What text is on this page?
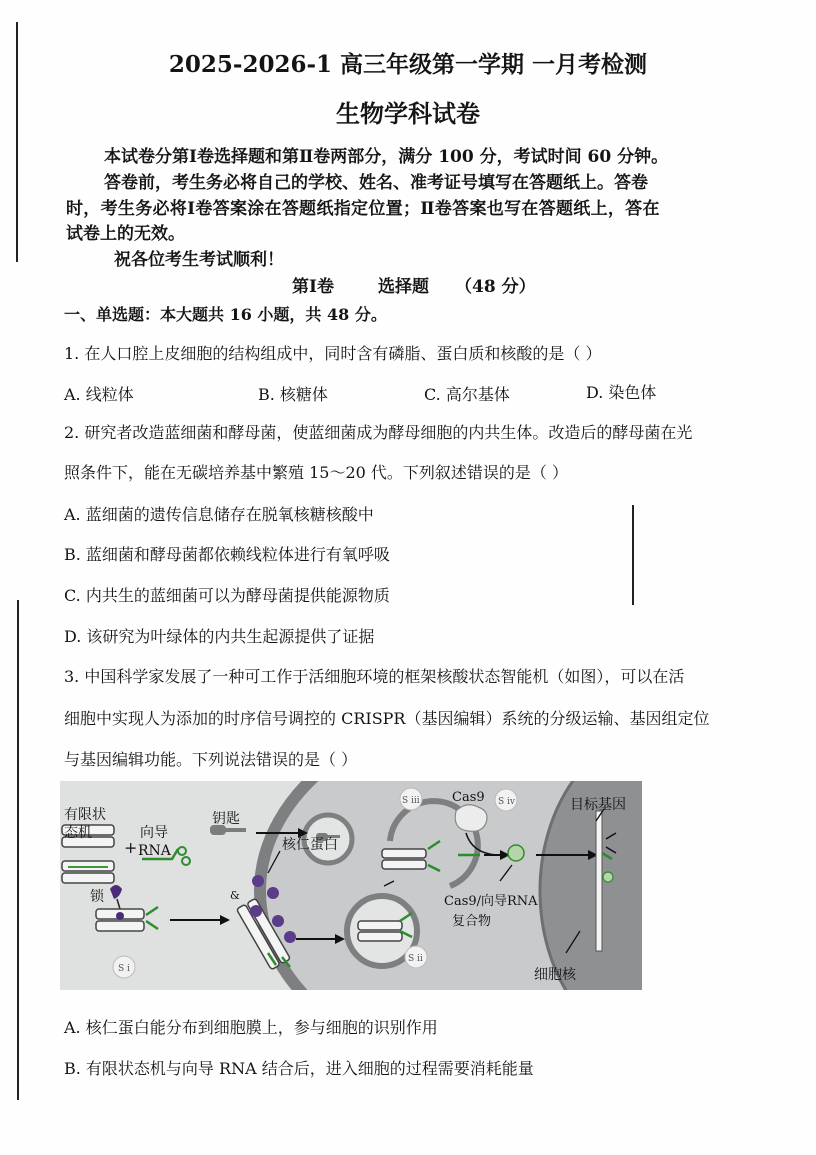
2025-2026-1 高三年级第一学期 一月考检测
生物学科试卷
本试卷分第Ⅰ卷选择题和第Ⅱ卷两部分，满分 100 分，考试时间 60 分钟。
答卷前，考生务必将自己的学校、姓名、准考证号填写在答题纸上。答卷
时，考生务必将Ⅰ卷答案涂在答题纸指定位置；Ⅱ卷答案也写在答题纸上，答在
试卷上的无效。
祝各位考生考试顺利！
第Ⅰ卷	选择题 （48 分）
一、单选题：本大题共 16 小题，共 48 分。
1. 在人口腔上皮细胞的结构组成中，同时含有磷脂、蛋白质和核酸的是（ ）
A. 线粒体	B. 核糖体	C. 高尔基体	D. 染色体
2. 研究者改造蓝细菌和酵母菌，使蓝细菌成为酵母细胞的内共生体。改造后的酵母菌在光
照条件下，能在无碳培养基中繁殖 15～20 代。下列叙述错误的是（ ）
A. 蓝细菌的遗传信息储存在脱氧核糖核酸中
B. 蓝细菌和酵母菌都依赖线粒体进行有氧呼吸
C. 内共生的蓝细菌可以为酵母菌提供能源物质
D. 该研究为叶绿体的内共生起源提供了证据
3. 中国科学家发展了一种可工作于活细胞环境的框架核酸状态智能机（如图），可以在活
细胞中实现人为添加的时序信号调控的 CRISPR（基因编辑）系统的分级运输、基因组定位
与基因编辑功能。下列说法错误的是（ ）
+
有限状
态机	向导
RNA
钥匙
锁	&
核仁蛋白
Cas9	目标基因
Cas9/向导RNA
复合物
细胞核
S i
S ii
S iii	S iv
A. 核仁蛋白能分布到细胞膜上，参与细胞的识别作用
B. 有限状态机与向导 RNA 结合后，进入细胞的过程需要消耗能量
